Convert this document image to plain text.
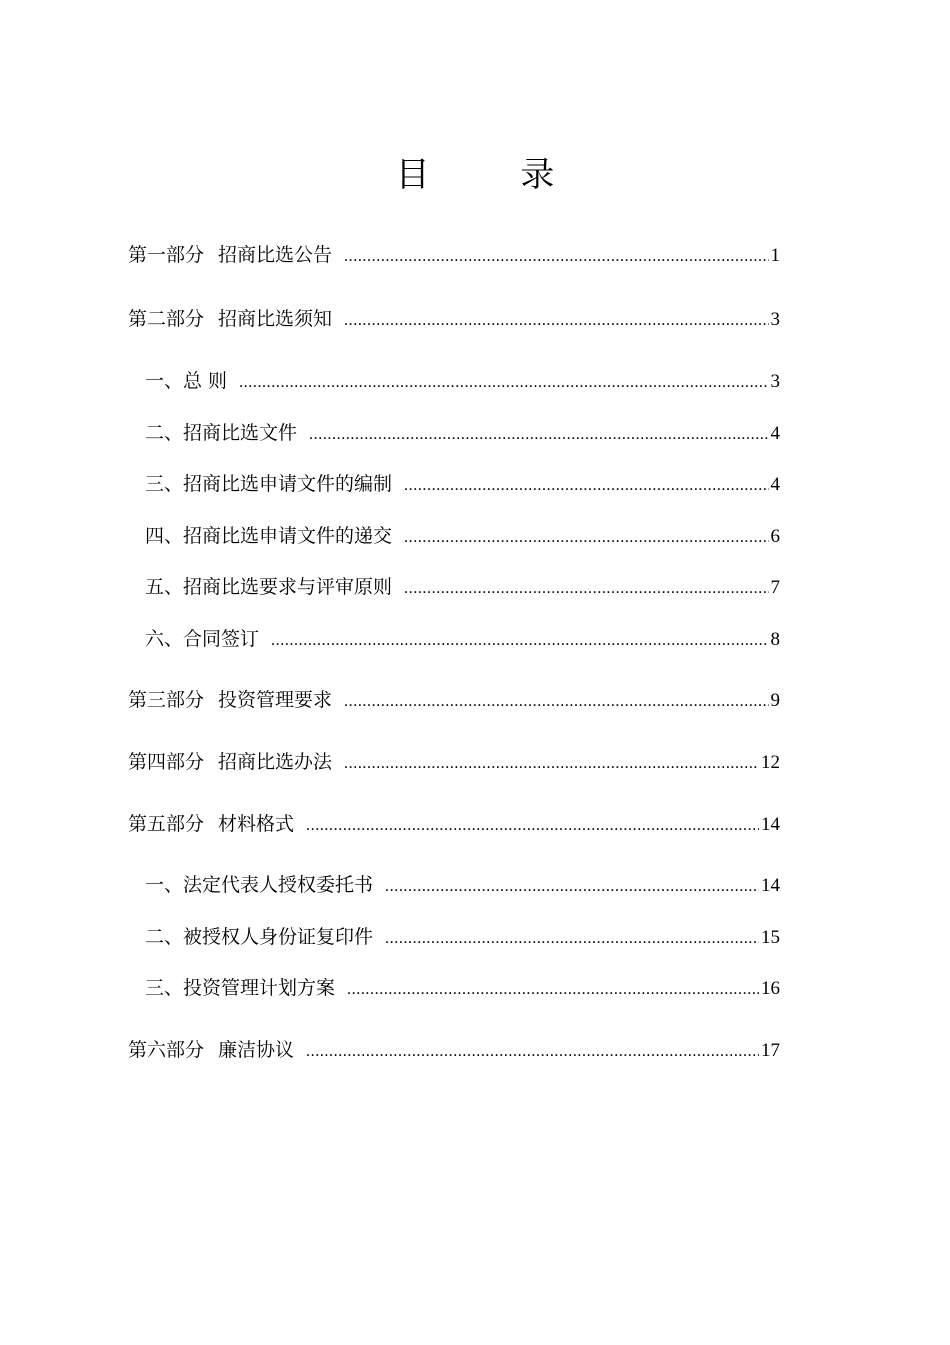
目 录
第一部分 招商比选公告 .....	1
第二部分 招商比选须知 .....	3
一、 总 则 .....	3
二、 招商比选文件 .....	4
三、 招商比选申请文件的编制 .....	4
四、 招商比选申请文件的递交 .....	6
五、 招商比选要求与评审原则 .....	7
六、 合同签订 .....	8
第三部分 投资管理要求 .....	9
第四部分 招商比选办法 .....	12
第五部分 材料格式 .....	14
一、 法定代表人授权委托书 .....	14
二、 被授权人身份证复印件 .....	15
三、 投资管理计划方案 .....	16
第六部分 廉洁协议 .....	17
